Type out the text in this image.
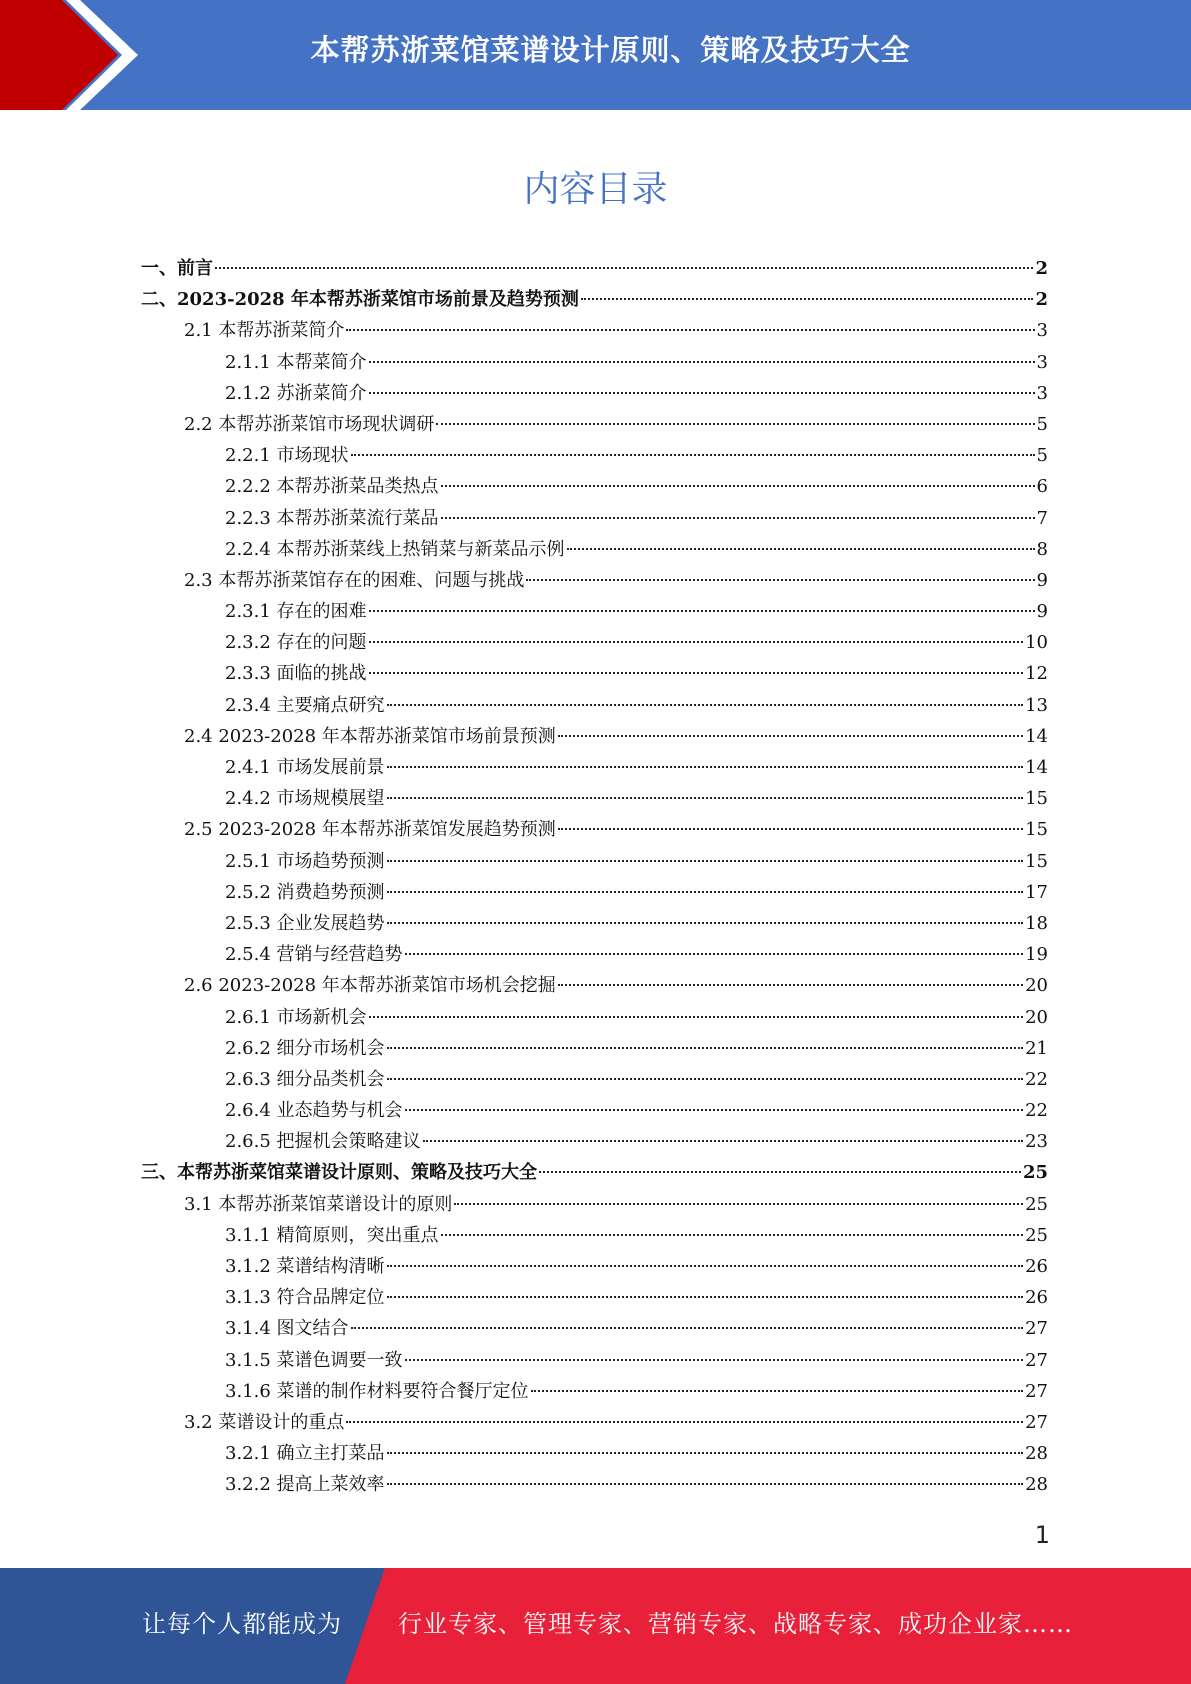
本帮苏浙菜馆菜谱设计原则、策略及技巧大全
内容目录
一、前言	2
二、2023-2028 年本帮苏浙菜馆市场前景及趋势预测	2
2.1 本帮苏浙菜简介	3
2.1.1 本帮菜简介	3
2.1.2 苏浙菜简介	3
2.2 本帮苏浙菜馆市场现状调研	5
2.2.1 市场现状	5
2.2.2 本帮苏浙菜品类热点	6
2.2.3 本帮苏浙菜流行菜品	7
2.2.4 本帮苏浙菜线上热销菜与新菜品示例	8
2.3 本帮苏浙菜馆存在的困难、问题与挑战	9
2.3.1 存在的困难	9
2.3.2 存在的问题	10
2.3.3 面临的挑战	12
2.3.4 主要痛点研究	13
2.4 2023-2028 年本帮苏浙菜馆市场前景预测	14
2.4.1 市场发展前景	14
2.4.2 市场规模展望	15
2.5 2023-2028 年本帮苏浙菜馆发展趋势预测	15
2.5.1 市场趋势预测	15
2.5.2 消费趋势预测	17
2.5.3 企业发展趋势	18
2.5.4 营销与经营趋势	19
2.6 2023-2028 年本帮苏浙菜馆市场机会挖掘	20
2.6.1 市场新机会	20
2.6.2 细分市场机会	21
2.6.3 细分品类机会	22
2.6.4 业态趋势与机会	22
2.6.5 把握机会策略建议	23
三、本帮苏浙菜馆菜谱设计原则、策略及技巧大全	25
3.1 本帮苏浙菜馆菜谱设计的原则	25
3.1.1 精简原则，突出重点	25
3.1.2 菜谱结构清晰	26
3.1.3 符合品牌定位	26
3.1.4 图文结合	27
3.1.5 菜谱色调要一致	27
3.1.6 菜谱的制作材料要符合餐厅定位	27
3.2 菜谱设计的重点	27
3.2.1 确立主打菜品	28
3.2.2 提高上菜效率	28
1
让每个人都能成为 行业专家、管理专家、营销专家、战略专家、成功企业家……
